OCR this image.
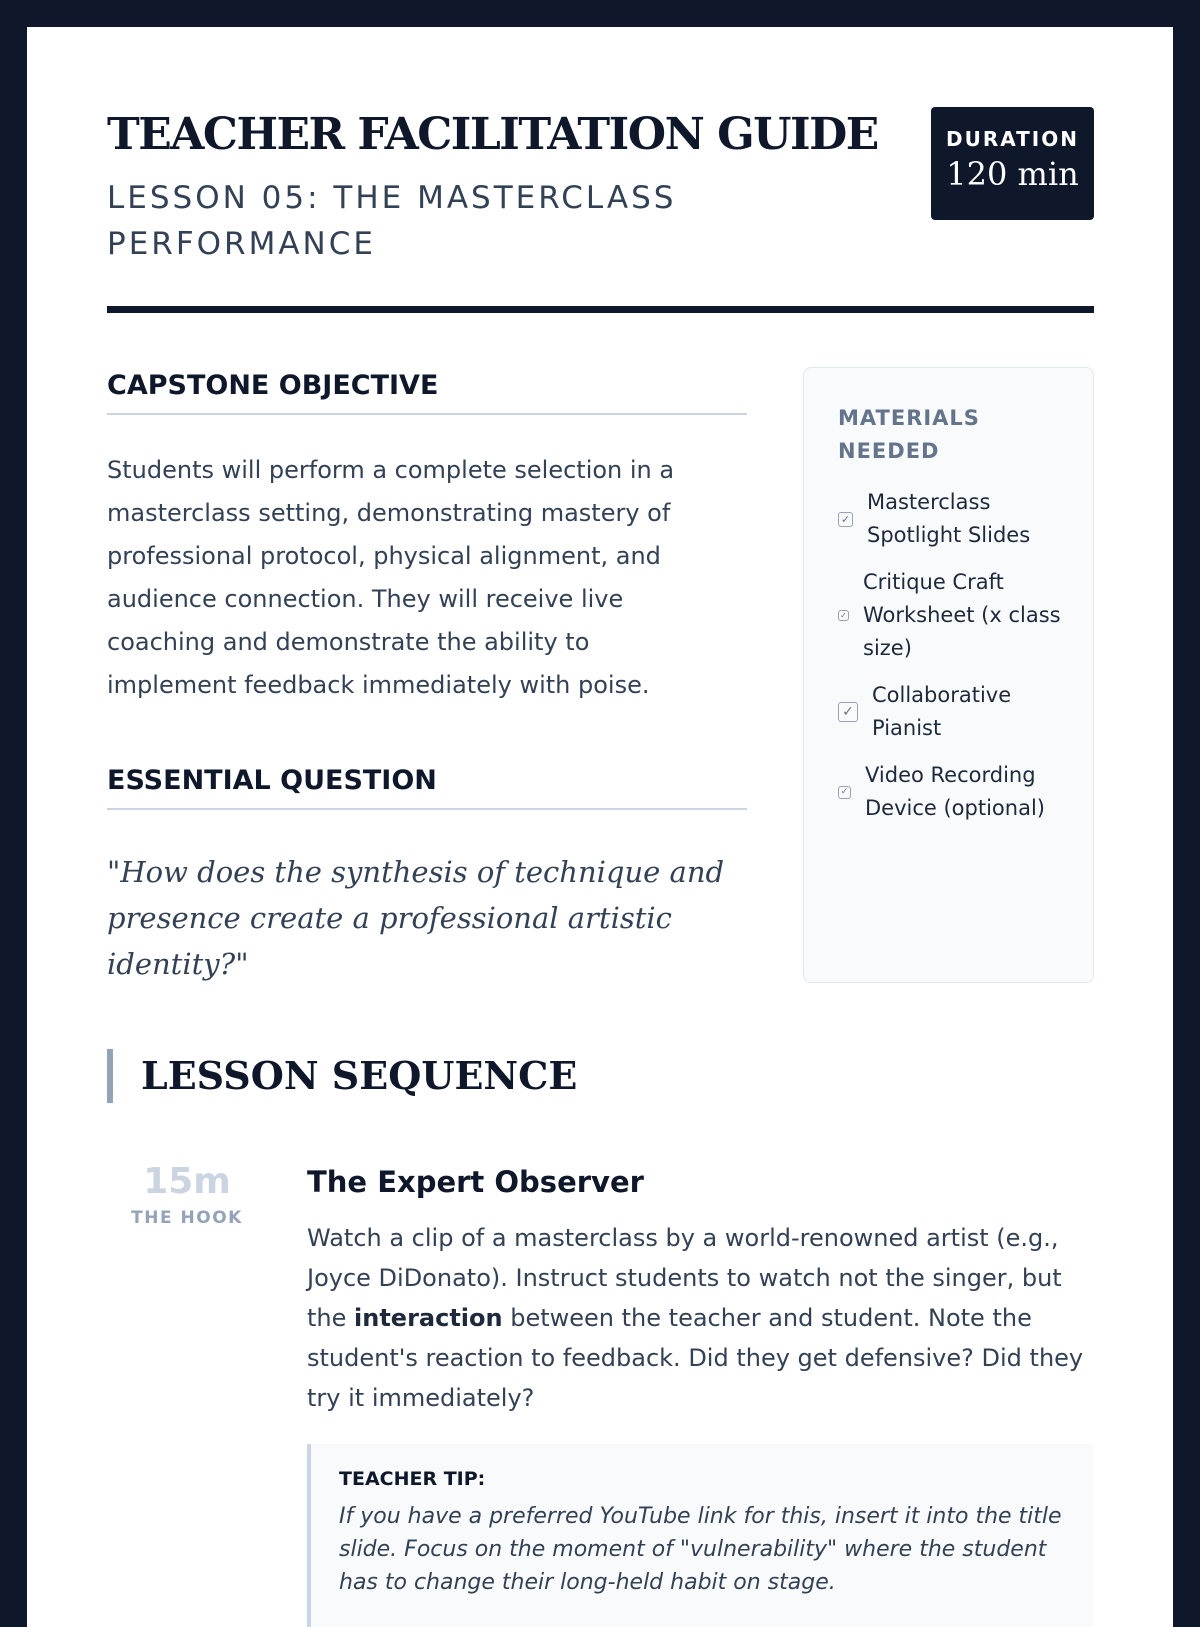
TEACHER FACILITATION GUIDE
LESSON 05: THE MASTERCLASS PERFORMANCE
DURATION
120 min
CAPSTONE OBJECTIVE

Students will perform a complete selection in a masterclass setting, demonstrating mastery of professional protocol, physical alignment, and audience connection. They will receive live coaching and demonstrate the ability to implement feedback immediately with poise.

ESSENTIAL QUESTION

"How does the synthesis of technique and presence create a professional artistic identity?"

MATERIALS NEEDED
✓
Masterclass Spotlight Slides
✓
Critique Craft Worksheet (x class size)
✓
Collaborative Pianist
✓
Video Recording Device (optional)
LESSON SEQUENCE
15m
THE HOOK
The Expert Observer

Watch a clip of a masterclass by a world-renowned artist (e.g., Joyce DiDonato). Instruct students to watch not the singer, but the interaction between the teacher and student. Note the student's reaction to feedback. Did they get defensive? Did they try it immediately?

TEACHER TIP:
If you have a preferred YouTube link for this, insert it into the title slide. Focus on the moment of "vulnerability" where the student has to change their long-held habit on stage.
